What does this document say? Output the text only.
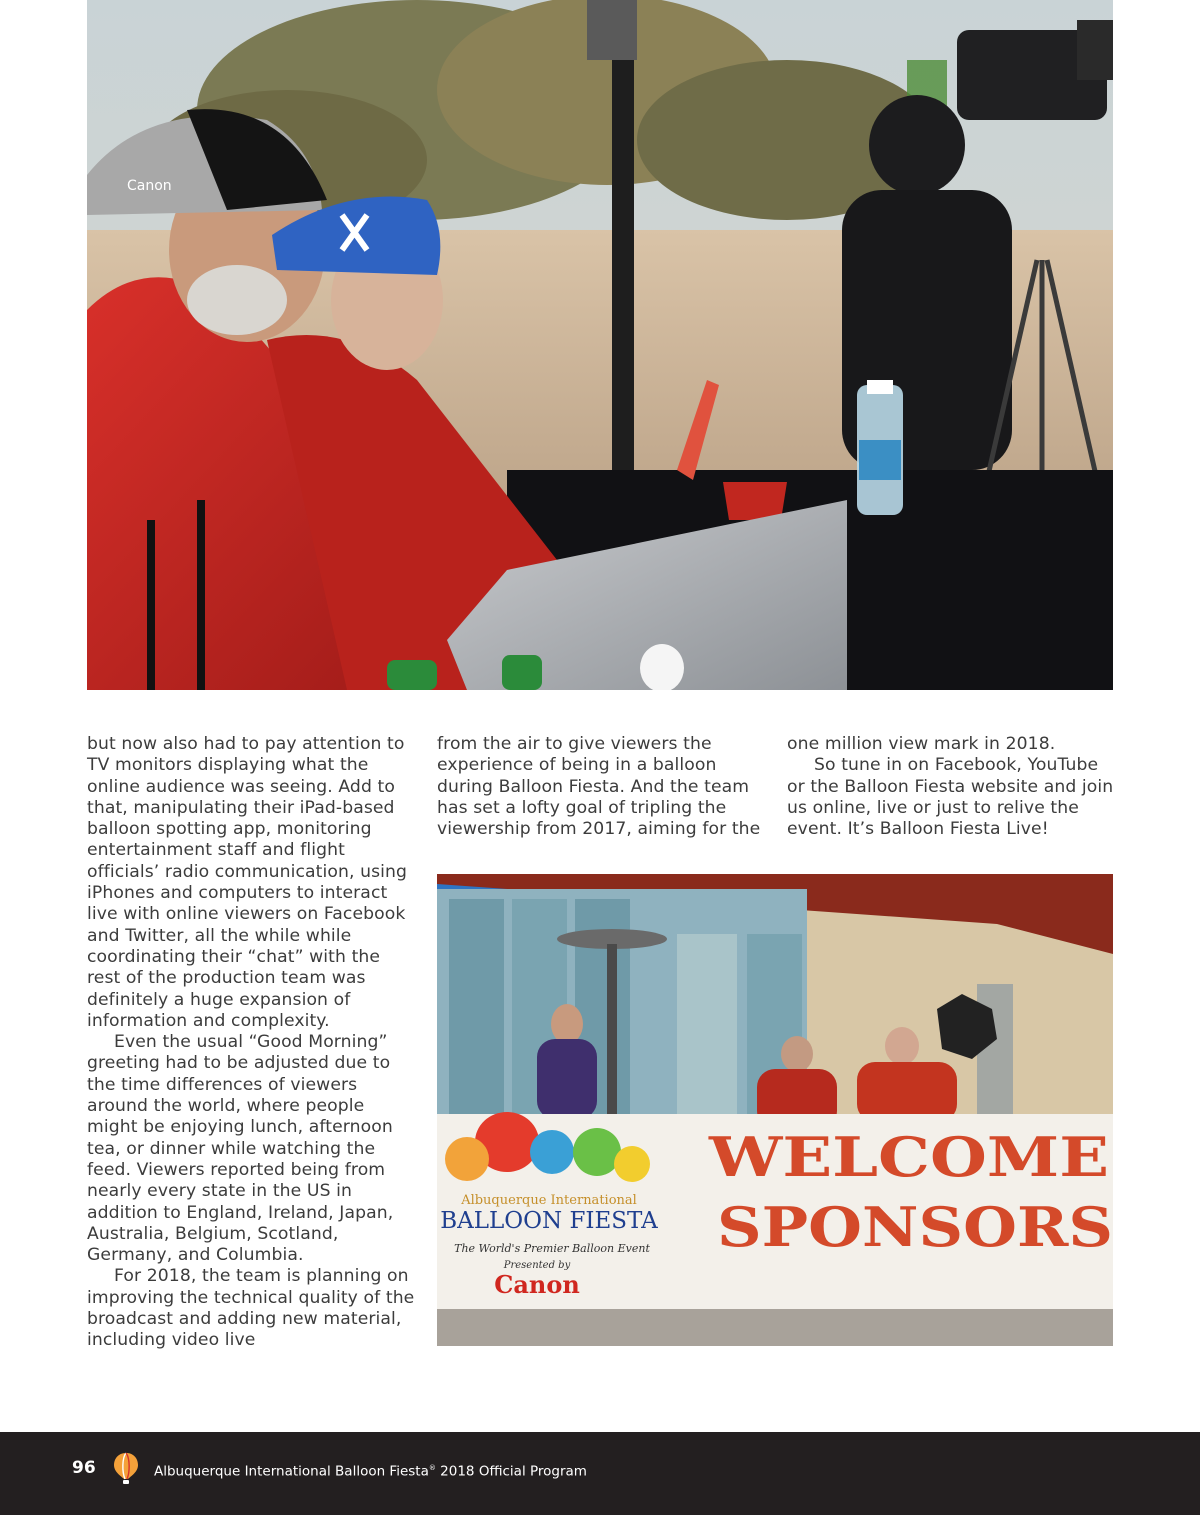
Canon

but now also had to pay attention to TV monitors displaying what the online audience was seeing. Add to that, manipulating their iPad-based balloon spotting app, monitoring entertainment staff and flight officials’ radio communication, using iPhones and computers to interact live with online viewers on Facebook and Twitter, all the while while coordinating their “chat” with the rest of the production team was definitely a huge expansion of information and complexity.

Even the usual “Good Morning” greeting had to be adjusted due to the time differences of viewers around the world, where people might be enjoying lunch, afternoon tea, or dinner while watching the feed. Viewers reported being from nearly every state in the US in addition to England, Ireland, Japan, Australia, Belgium, Scotland, Germany, and Columbia.

For 2018, the team is planning on improving the technical quality of the broadcast and adding new material, including video live

from the air to give viewers the experience of being in a balloon during Balloon Fiesta. And the team has set a lofty goal of tripling the viewership from 2017, aiming for the

one million view mark in 2018.

So tune in on Facebook, YouTube or the Balloon Fiesta website and join us online, live or just to relive the event. It’s Balloon Fiesta Live!

Albuquerque International
BALLOON FIESTA
The World's Premier Balloon Event
Presented by
Canon
WELCOME
SPONSORS
96	Albuquerque International Balloon Fiesta® 2018 Official Program
